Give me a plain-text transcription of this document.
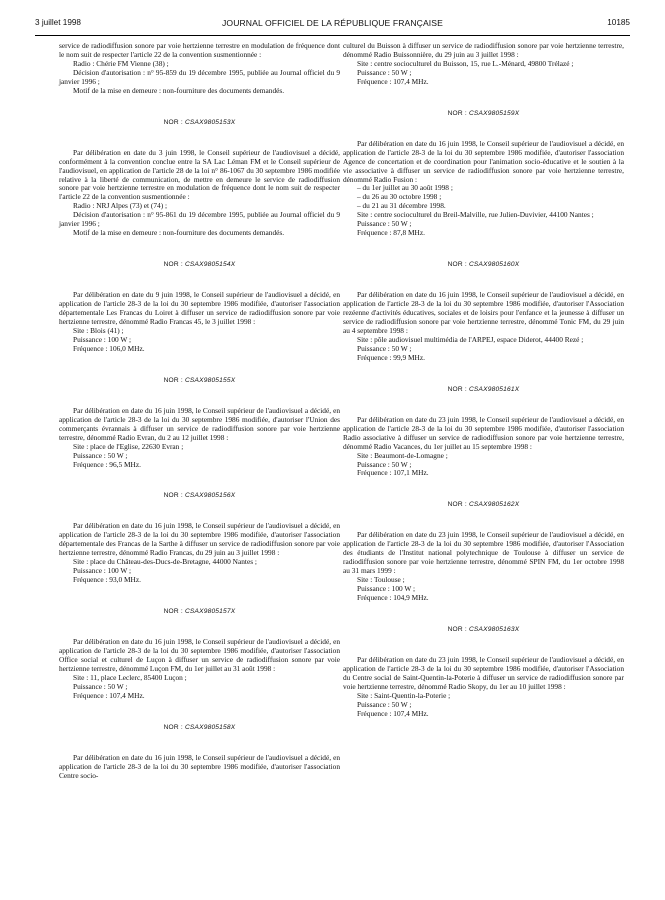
3 juillet 1998	JOURNAL OFFICIEL DE LA RÉPUBLIQUE FRANÇAISE	10185

service de radiodiffusion sonore par voie hertzienne terrestre en modulation de fréquence dont le nom suit de respecter l'article 22 de la convention susmentionnée :

Radio : Chérie FM Vienne (38) ;

Décision d'autorisation : n° 95-859 du 19 décembre 1995, publiée au Journal officiel du 9 janvier 1996 ;

Motif de la mise en demeure : non-fourniture des documents demandés.

NOR : CSAX9805153X

Par délibération en date du 3 juin 1998, le Conseil supérieur de l'audiovisuel a décidé, conformément à la convention conclue entre la SA Lac Léman FM et le Conseil supérieur de l'audiovisuel, en application de l'article 28 de la loi n° 86-1067 du 30 septembre 1986 modifiée relative à la liberté de communication, de mettre en demeure le service de radiodiffusion sonore par voie hertzienne terrestre en modulation de fréquence dont le nom suit de respecter l'article 22 de la convention susmentionnée :

Radio : NRJ Alpes (73) et (74) ;

Décision d'autorisation : n° 95-861 du 19 décembre 1995, publiée au Journal officiel du 9 janvier 1996 ;

Motif de la mise en demeure : non-fourniture des documents demandés.

NOR : CSAX9805154X

Par délibération en date du 9 juin 1998, le Conseil supérieur de l'audiovisuel a décidé, en application de l'article 28-3 de la loi du 30 septembre 1986 modifiée, d'autoriser l'association départementale Les Francas du Loiret à diffuser un service de radiodiffusion sonore par voie hertzienne terrestre, dénommé Radio Francas 45, le 3 juillet 1998 :

Site : Blois (41) ;

Puissance : 100 W ;

Fréquence : 106,0 MHz.

NOR : CSAX9805155X

Par délibération en date du 16 juin 1998, le Conseil supérieur de l'audiovisuel a décidé, en application de l'article 28-3 de la loi du 30 septembre 1986 modifiée, d'autoriser l'Union des commerçants évrannais à diffuser un service de radiodiffusion sonore par voie hertzienne terrestre, dénommé Radio Evran, du 2 au 12 juillet 1998 :

Site : place de l'Eglise, 22630 Evran ;

Puissance : 50 W ;

Fréquence : 96,5 MHz.

NOR : CSAX9805156X

Par délibération en date du 16 juin 1998, le Conseil supérieur de l'audiovisuel a décidé, en application de l'article 28-3 de la loi du 30 septembre 1986 modifiée, d'autoriser l'association départementale des Francas de la Sarthe à diffuser un service de radiodiffusion sonore par voie hertzienne terrestre, dénommé Radio Francas, du 29 juin au 3 juillet 1998 :

Site : place du Château-des-Ducs-de-Bretagne, 44000 Nantes ;

Puissance : 100 W ;

Fréquence : 93,0 MHz.

NOR : CSAX9805157X

Par délibération en date du 16 juin 1998, le Conseil supérieur de l'audiovisuel a décidé, en application de l'article 28-3 de la loi du 30 septembre 1986 modifiée, d'autoriser l'association Office social et culturel de Luçon à diffuser un service de radiodiffusion sonore par voie hertzienne terrestre, dénommé Luçon FM, du 1er juillet au 31 août 1998 :

Site : 11, place Leclerc, 85400 Luçon ;

Puissance : 50 W ;

Fréquence : 107,4 MHz.

NOR : CSAX9805158X

Par délibération en date du 16 juin 1998, le Conseil supérieur de l'audiovisuel a décidé, en application de l'article 28-3 de la loi du 30 septembre 1986 modifiée, d'autoriser l'association Centre socio-

culturel du Buisson à diffuser un service de radiodiffusion sonore par voie hertzienne terrestre, dénommé Radio Buissonnière, du 29 juin au 3 juillet 1998 :

Site : centre socioculturel du Buisson, 15, rue L.-Ménard, 49800 Trélazé ;

Puissance : 50 W ;

Fréquence : 107,4 MHz.

NOR : CSAX9805159X

Par délibération en date du 16 juin 1998, le Conseil supérieur de l'audiovisuel a décidé, en application de l'article 28-3 de la loi du 30 septembre 1986 modifiée, d'autoriser l'association Agence de concertation et de coordination pour l'animation socio-éducative et le soutien à la vie associative à diffuser un service de radiodiffusion sonore par voie hertzienne terrestre, dénommé Radio Fusion :

– du 1er juillet au 30 août 1998 ;

– du 26 au 30 octobre 1998 ;

– du 21 au 31 décembre 1998.

Site : centre socioculturel du Breil-Malville, rue Julien-Duvivier, 44100 Nantes ;

Puissance : 50 W ;

Fréquence : 87,8 MHz.

NOR : CSAX9805160X

Par délibération en date du 16 juin 1998, le Conseil supérieur de l'audiovisuel a décidé, en application de l'article 28-3 de la loi du 30 septembre 1986 modifiée, d'autoriser l'Association rezéenne d'activités éducatives, sociales et de loisirs pour l'enfance et la jeunesse à diffuser un service de radiodiffusion sonore par voie hertzienne terrestre, dénommé Tonic FM, du 29 juin au 4 septembre 1998 :

Site : pôle audiovisuel multimédia de l'ARPEJ, espace Diderot, 44400 Rezé ;

Puissance : 50 W ;

Fréquence : 99,9 MHz.

NOR : CSAX9805161X

Par délibération en date du 23 juin 1998, le Conseil supérieur de l'audiovisuel a décidé, en application de l'article 28-3 de la loi du 30 septembre 1986 modifiée, d'autoriser l'association Radio associative à diffuser un service de radiodiffusion sonore par voie hertzienne terrestre, dénommé Radio Vacances, du 1er juillet au 15 septembre 1998 :

Site : Beaumont-de-Lomagne ;

Puissance : 50 W ;

Fréquence : 107,1 MHz.

NOR : CSAX9805162X

Par délibération en date du 23 juin 1998, le Conseil supérieur de l'audiovisuel a décidé, en application de l'article 28-3 de la loi du 30 septembre 1986 modifiée, d'autoriser l'Association des étudiants de l'Institut national polytechnique de Toulouse à diffuser un service de radiodiffusion sonore par voie hertzienne terrestre, dénommé SPIN FM, du 1er octobre 1998 au 31 mars 1999 :

Site : Toulouse ;

Puissance : 100 W ;

Fréquence : 104,9 MHz.

NOR : CSAX9805163X

Par délibération en date du 23 juin 1998, le Conseil supérieur de l'audiovisuel a décidé, en application de l'article 28-3 de la loi du 30 septembre 1986 modifiée, d'autoriser l'Association du Centre social de Saint-Quentin-la-Poterie à diffuser un service de radiodiffusion sonore par voie hertzienne terrestre, dénommé Radio Skopy, du 1er au 10 juillet 1998 :

Site : Saint-Quentin-la-Poterie ;

Puissance : 50 W ;

Fréquence : 107,4 MHz.
